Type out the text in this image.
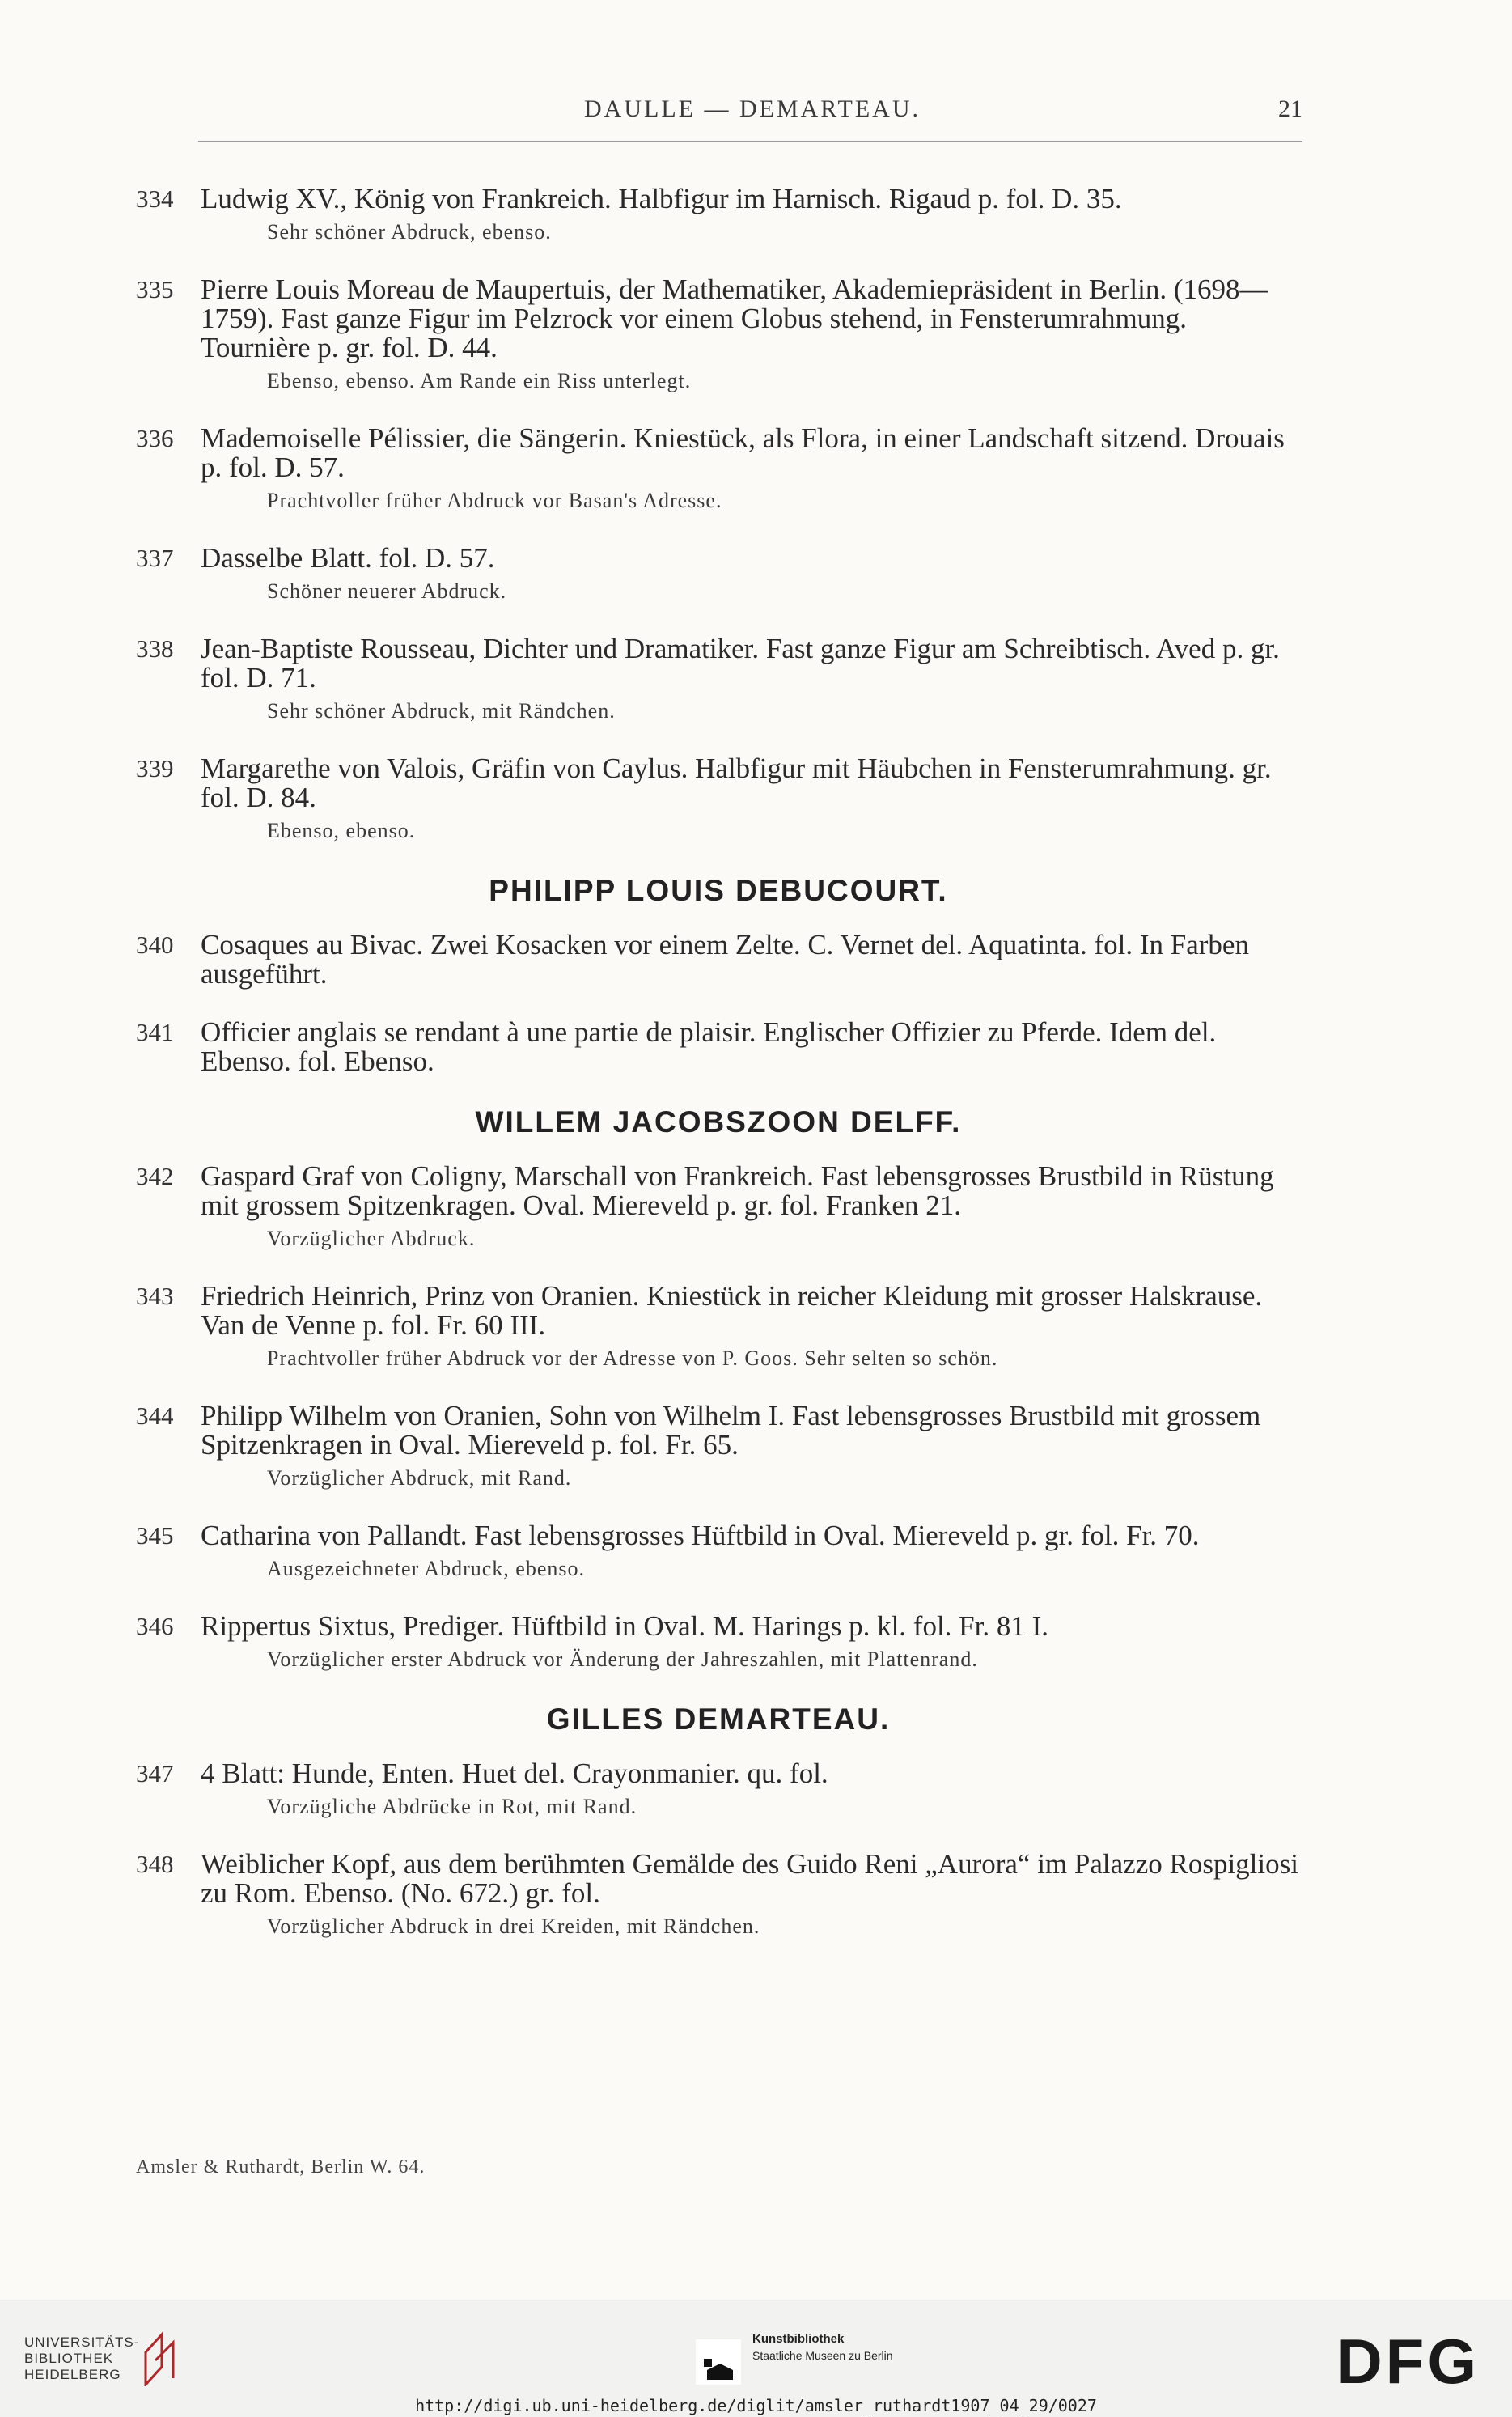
DAULLE — DEMARTEAU.	21
334 Ludwig XV., König von Frankreich. Halbfigur im Harnisch. Rigaud p. fol. D. 35.
Sehr schöner Abdruck, ebenso.
335 Pierre Louis Moreau de Maupertuis, der Mathematiker, Akademiepräsident in Berlin. (1698—1759). Fast ganze Figur im Pelzrock vor einem Globus stehend, in Fensterumrahmung. Tournière p. gr. fol. D. 44.
Ebenso, ebenso. Am Rande ein Riss unterlegt.
336 Mademoiselle Pélissier, die Sängerin. Kniestück, als Flora, in einer Landschaft sitzend. Drouais p. fol. D. 57.
Prachtvoller früher Abdruck vor Basan's Adresse.
337 Dasselbe Blatt. fol. D. 57.
Schöner neuerer Abdruck.
338 Jean-Baptiste Rousseau, Dichter und Dramatiker. Fast ganze Figur am Schreibtisch. Aved p. gr. fol. D. 71.
Sehr schöner Abdruck, mit Rändchen.
339 Margarethe von Valois, Gräfin von Caylus. Halbfigur mit Häubchen in Fensterumrahmung. gr. fol. D. 84.
Ebenso, ebenso.
PHILIPP LOUIS DEBUCOURT.
340 Cosaques au Bivac. Zwei Kosacken vor einem Zelte. C. Vernet del. Aquatinta. fol. In Farben ausgeführt.
341 Officier anglais se rendant à une partie de plaisir. Englischer Offizier zu Pferde. Idem del. Ebenso. fol. Ebenso.
WILLEM JACOBSZOON DELFF.
342 Gaspard Graf von Coligny, Marschall von Frankreich. Fast lebensgrosses Brustbild in Rüstung mit grossem Spitzenkragen. Oval. Miereveld p. gr. fol. Franken 21.
Vorzüglicher Abdruck.
343 Friedrich Heinrich, Prinz von Oranien. Kniestück in reicher Kleidung mit grosser Halskrause. Van de Venne p. fol. Fr. 60 III.
Prachtvoller früher Abdruck vor der Adresse von P. Goos. Sehr selten so schön.
344 Philipp Wilhelm von Oranien, Sohn von Wilhelm I. Fast lebensgrosses Brustbild mit grossem Spitzenkragen in Oval. Miereveld p. fol. Fr. 65.
Vorzüglicher Abdruck, mit Rand.
345 Catharina von Pallandt. Fast lebensgrosses Hüftbild in Oval. Miereveld p. gr. fol. Fr. 70.
Ausgezeichneter Abdruck, ebenso.
346 Rippertus Sixtus, Prediger. Hüftbild in Oval. M. Harings p. kl. fol. Fr. 81 I.
Vorzüglicher erster Abdruck vor Änderung der Jahreszahlen, mit Plattenrand.
GILLES DEMARTEAU.
347 4 Blatt: Hunde, Enten. Huet del. Crayonmanier. qu. fol.
Vorzügliche Abdrücke in Rot, mit Rand.
348 Weiblicher Kopf, aus dem berühmten Gemälde des Guido Reni „Aurora“ im Palazzo Rospigliosi zu Rom. Ebenso. (No. 672.) gr. fol.
Vorzüglicher Abdruck in drei Kreiden, mit Rändchen.
Amsler & Ruthardt, Berlin W. 64.
UNIVERSITÄTS-
BIBLIOTHEK
HEIDELBERG
Kunstbibliothek
Staatliche Museen zu Berlin	DFG
http://digi.ub.uni-heidelberg.de/diglit/amsler_ruthardt1907_04_29/0027
